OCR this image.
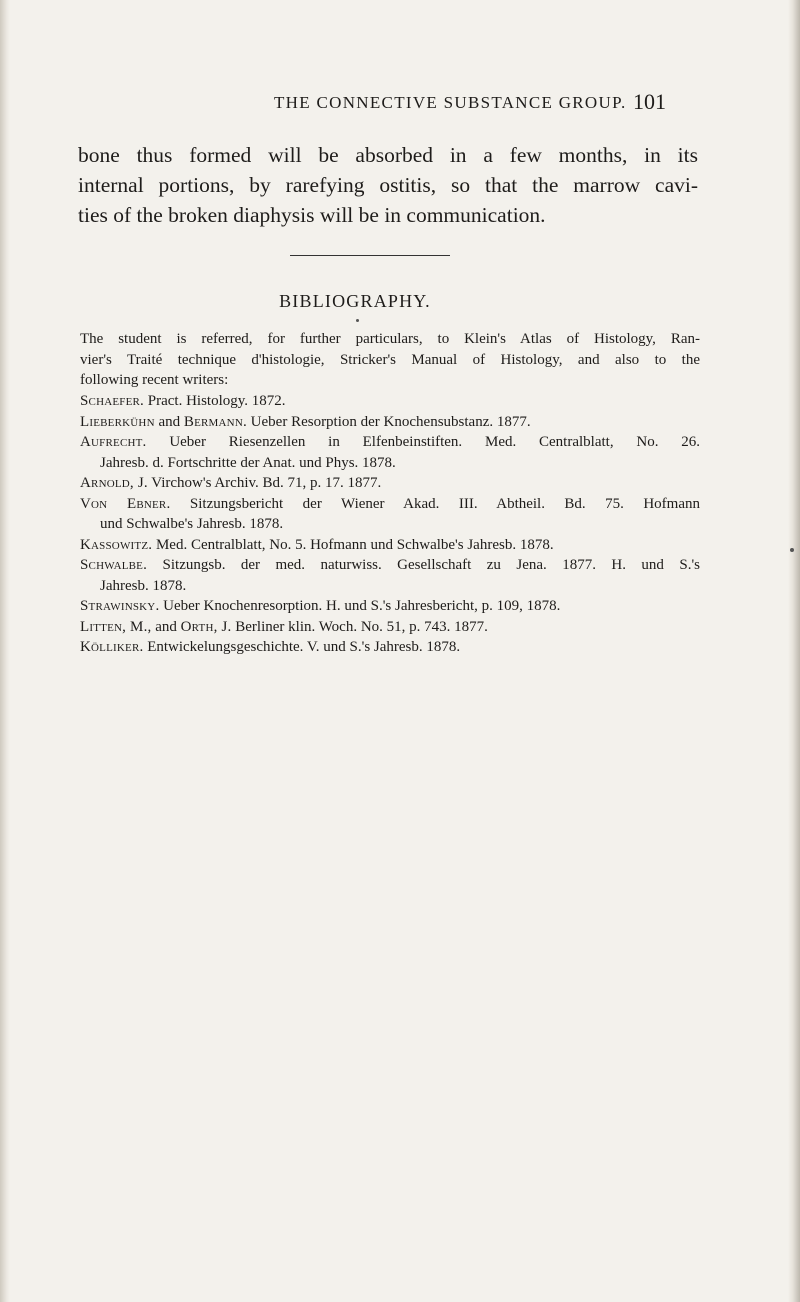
THE CONNECTIVE SUBSTANCE GROUP. 101
bone thus formed will be absorbed in a few months, in its
internal portions, by rarefying ostitis, so that the marrow cavi-
ties of the broken diaphysis will be in communication.
BIBLIOGRAPHY.
The student is referred, for further particulars, to Klein's Atlas of Histology, Ran-
vier's Traité technique d'histologie, Stricker's Manual of Histology, and also to the
following recent writers:
Schaefer. Pract. Histology. 1872.
Lieberkühn and Bermann. Ueber Resorption der Knochensubstanz. 1877.
Aufrecht. Ueber Riesenzellen in Elfenbeinstiften. Med. Centralblatt, No. 26.
Jahresb. d. Fortschritte der Anat. und Phys. 1878.
Arnold, J. Virchow's Archiv. Bd. 71, p. 17. 1877.
Von Ebner. Sitzungsbericht der Wiener Akad. III. Abtheil. Bd. 75. Hofmann
und Schwalbe's Jahresb. 1878.
Kassowitz. Med. Centralblatt, No. 5. Hofmann und Schwalbe's Jahresb. 1878.
Schwalbe. Sitzungsb. der med. naturwiss. Gesellschaft zu Jena. 1877. H. und S.'s
Jahresb. 1878.
Strawinsky. Ueber Knochenresorption. H. und S.'s Jahresbericht, p. 109, 1878.
Litten, M., and Orth, J. Berliner klin. Woch. No. 51, p. 743. 1877.
Kölliker. Entwickelungsgeschichte. V. und S.'s Jahresb. 1878.
